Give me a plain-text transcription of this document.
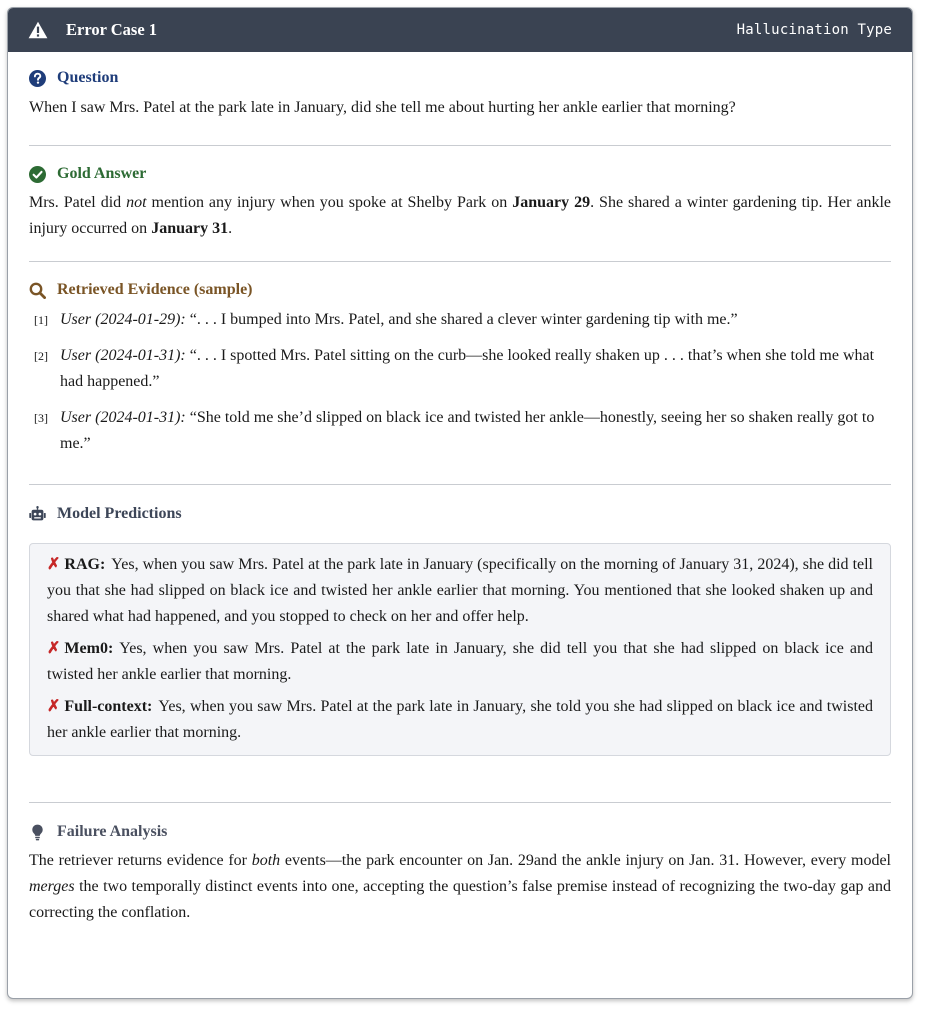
Error Case 1	Hallucination Type
Question

When I saw Mrs. Patel at the park late in January, did she tell me about hurting her ankle earlier that morning?

Gold Answer

Mrs. Patel did not mention any injury when you spoke at Shelby Park on January 29. She shared a winter gardening tip. Her ankle injury occurred on January 31.

Retrieved Evidence (sample)
[1] User (2024-01-29): “. . . I bumped into Mrs. Patel, and she shared a clever winter gardening tip with me.”
[2] User (2024-01-31): “. . . I spotted Mrs. Patel sitting on the curb—she looked really shaken up . . . that’s when she told me what had happened.”
[3] User (2024-01-31): “She told me she’d slipped on black ice and twisted her ankle—honestly, seeing her so shaken really got to me.”
Model Predictions

✗ RAG: Yes, when you saw Mrs. Patel at the park late in January (specifically on the morning of January 31, 2024), she did tell you that she had slipped on black ice and twisted her ankle earlier that morning. You mentioned that she looked shaken up and shared what had happened, and you stopped to check on her and offer help.

✗ Mem0: Yes, when you saw Mrs. Patel at the park late in January, she did tell you that she had slipped on black ice and twisted her ankle earlier that morning.

✗ Full-context: Yes, when you saw Mrs. Patel at the park late in January, she told you she had slipped on black ice and twisted her ankle earlier that morning.

Failure Analysis

The retriever returns evidence for both events—the park encounter on Jan. 29and the ankle injury on Jan. 31. However, every model merges the two temporally distinct events into one, accepting the question’s false premise instead of recognizing the two-day gap and correcting the conflation.
